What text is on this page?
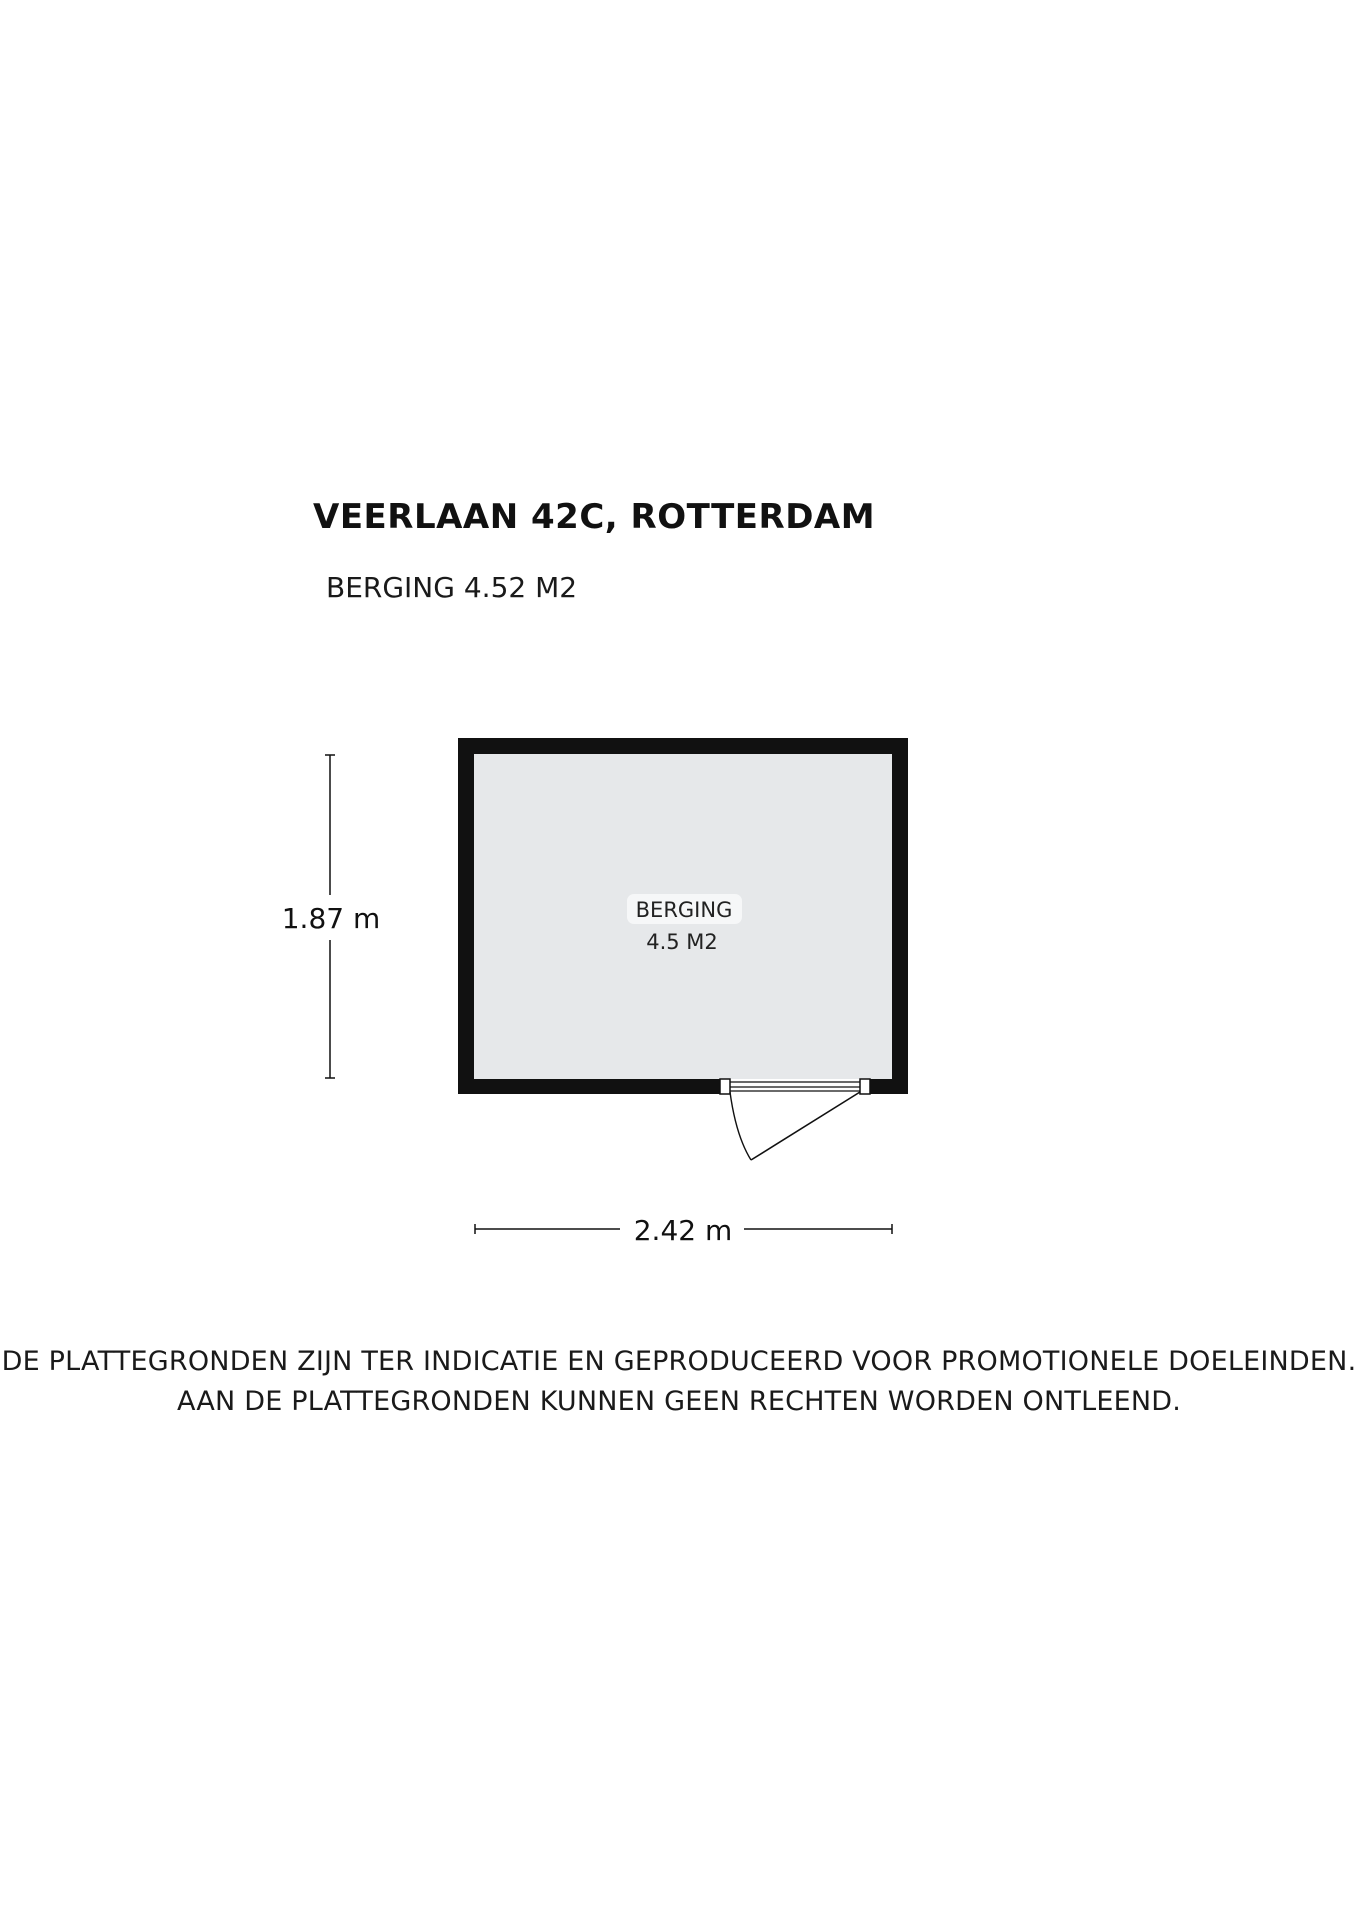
VEERLAAN 42C, ROTTERDAM
BERGING 4.52 M2
BERGING
4.5 M2
1.87 m
2.42 m
DE PLATTEGRONDEN ZIJN TER INDICATIE EN GEPRODUCEERD VOOR PROMOTIONELE DOELEINDEN.
AAN DE PLATTEGRONDEN KUNNEN GEEN RECHTEN WORDEN ONTLEEND.
